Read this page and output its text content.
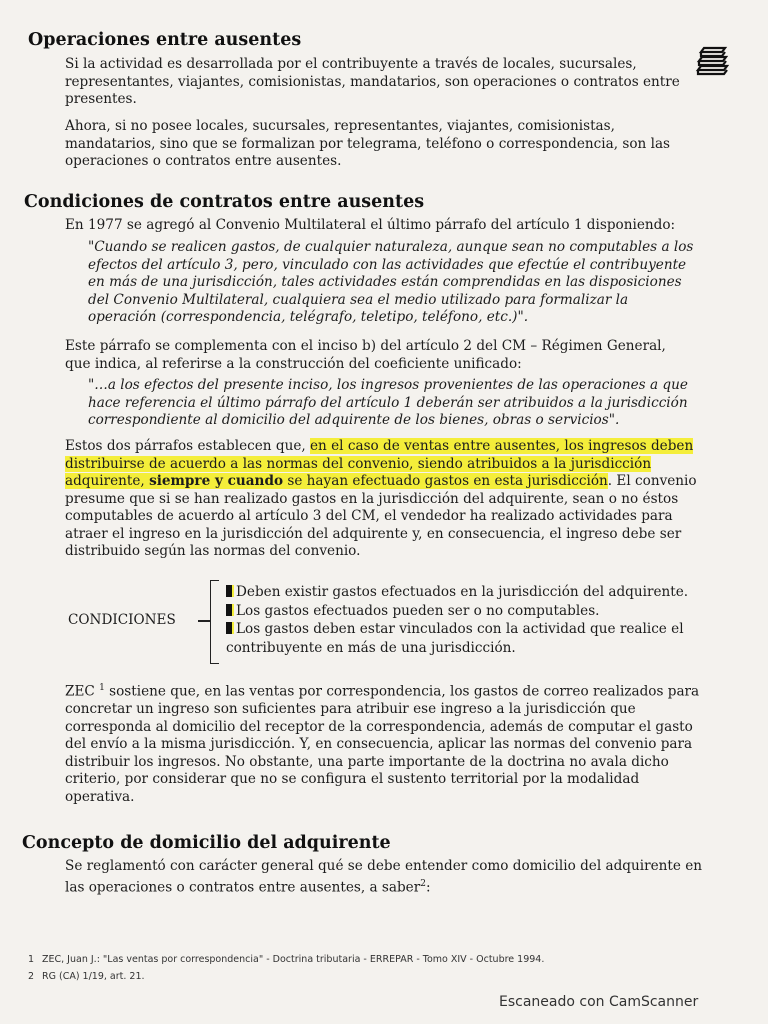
Operaciones entre ausentes

Si la actividad es desarrollada por el contribuyente a través de locales, sucursales, representantes, viajantes, comisionistas, mandatarios, son operaciones o contratos entre presentes.

Ahora, si no posee locales, sucursales, representantes, viajantes, comisionistas, mandatarios, sino que se formalizan por telegrama, teléfono o correspondencia, son las operaciones o contratos entre ausentes.

Condiciones de contratos entre ausentes

En 1977 se agregó al Convenio Multilateral el último párrafo del artículo 1 disponiendo:

"Cuando se realicen gastos, de cualquier naturaleza, aunque sean no computables a los efectos del artículo 3, pero, vinculado con las actividades que efectúe el contribuyente en más de una jurisdicción, tales actividades están comprendidas en las disposiciones del Convenio Multilateral, cualquiera sea el medio utilizado para formalizar la operación (correspondencia, telégrafo, teletipo, teléfono, etc.)".

Este párrafo se complementa con el inciso b) del artículo 2 del CM – Régimen General, que indica, al referirse a la construcción del coeficiente unificado:

"…a los efectos del presente inciso, los ingresos provenientes de las operaciones a que hace referencia el último párrafo del artículo 1 deberán ser atribuidos a la jurisdicción correspondiente al domicilio del adquirente de los bienes, obras o servicios".

Estos dos párrafos establecen que, en el caso de ventas entre ausentes, los ingresos deben distribuirse de acuerdo a las normas del convenio, siendo atribuidos a la jurisdicción adquirente, siempre y cuando se hayan efectuado gastos en esta jurisdicción. El convenio presume que si se han realizado gastos en la jurisdicción del adquirente, sean o no éstos computables de acuerdo al artículo 3 del CM, el vendedor ha realizado actividades para atraer el ingreso en la jurisdicción del adquirente y, en consecuencia, el ingreso debe ser distribuido según las normas del convenio.

CONDICIONES
Deben existir gastos efectuados en la jurisdicción del adquirente.
Los gastos efectuados pueden ser o no computables.
Los gastos deben estar vinculados con la actividad que realice el contribuyente en más de una jurisdicción.

ZEC $^1$ sostiene que, en las ventas por correspondencia, los gastos de correo realizados para concretar un ingreso son suficientes para atribuir ese ingreso a la jurisdicción que corresponda al domicilio del receptor de la correspondencia, además de computar el gasto del envío a la misma jurisdicción. Y, en consecuencia, aplicar las normas del convenio para distribuir los ingresos. No obstante, una parte importante de la doctrina no avala dicho criterio, por considerar que no se configura el sustento territorial por la modalidad operativa.

Concepto de domicilio del adquirente

Se reglamentó con carácter general qué se debe entender como domicilio del adquirente en las operaciones o contratos entre ausentes, a saber$^2$:

1 ZEC, Juan J.: "Las ventas por correspondencia" - Doctrina tributaria - ERREPAR - Tomo XIV - Octubre 1994.
2 RG (CA) 1/19, art. 21.
Escaneado con CamScanner
